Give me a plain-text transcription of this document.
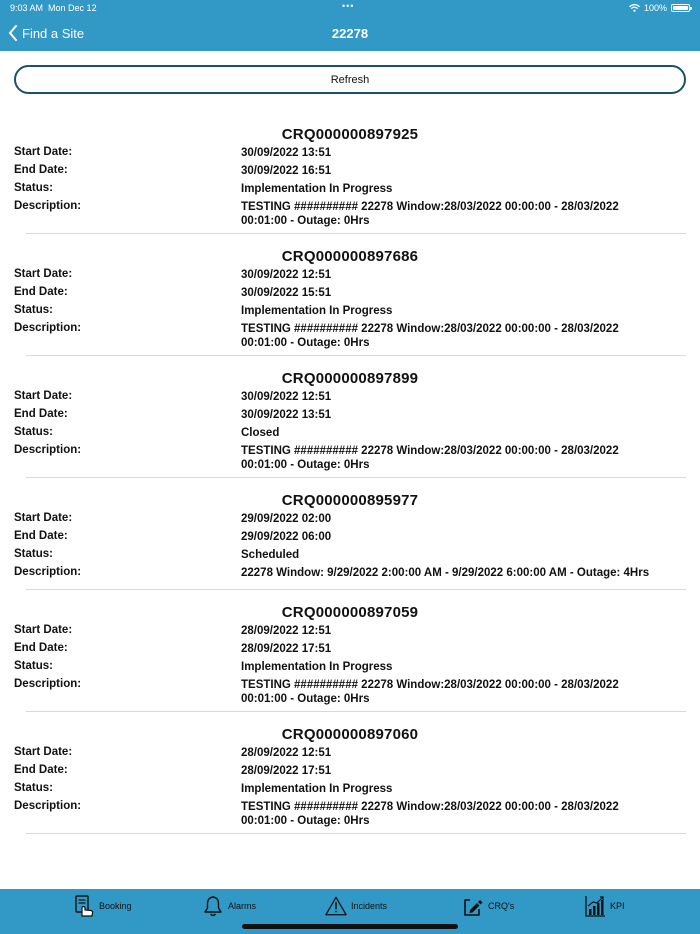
9:03 AM Mon Dec 12	•••	100%
Find a Site	22278
Refresh
CRQ000000897925
Start Date:	30/09/2022 13:51
End Date:	30/09/2022 16:51
Status:	Implementation In Progress
Description:	TESTING ########## 22278 Window:28/03/2022 00:00:00 - 28/03/2022 00:01:00 - Outage: 0Hrs
CRQ000000897686
Start Date:	30/09/2022 12:51
End Date:	30/09/2022 15:51
Status:	Implementation In Progress
Description:	TESTING ########## 22278 Window:28/03/2022 00:00:00 - 28/03/2022 00:01:00 - Outage: 0Hrs
CRQ000000897899
Start Date:	30/09/2022 12:51
End Date:	30/09/2022 13:51
Status:	Closed
Description:	TESTING ########## 22278 Window:28/03/2022 00:00:00 - 28/03/2022 00:01:00 - Outage: 0Hrs
CRQ000000895977
Start Date:	29/09/2022 02:00
End Date:	29/09/2022 06:00
Status:	Scheduled
Description:	22278 Window: 9/29/2022 2:00:00 AM - 9/29/2022 6:00:00 AM - Outage: 4Hrs
CRQ000000897059
Start Date:	28/09/2022 12:51
End Date:	28/09/2022 17:51
Status:	Implementation In Progress
Description:	TESTING ########## 22278 Window:28/03/2022 00:00:00 - 28/03/2022 00:01:00 - Outage: 0Hrs
CRQ000000897060
Start Date:	28/09/2022 12:51
End Date:	28/09/2022 17:51
Status:	Implementation In Progress
Description:	TESTING ########## 22278 Window:28/03/2022 00:00:00 - 28/03/2022 00:01:00 - Outage: 0Hrs
Booking	Alarms	Incidents	CRQ's	KPI
